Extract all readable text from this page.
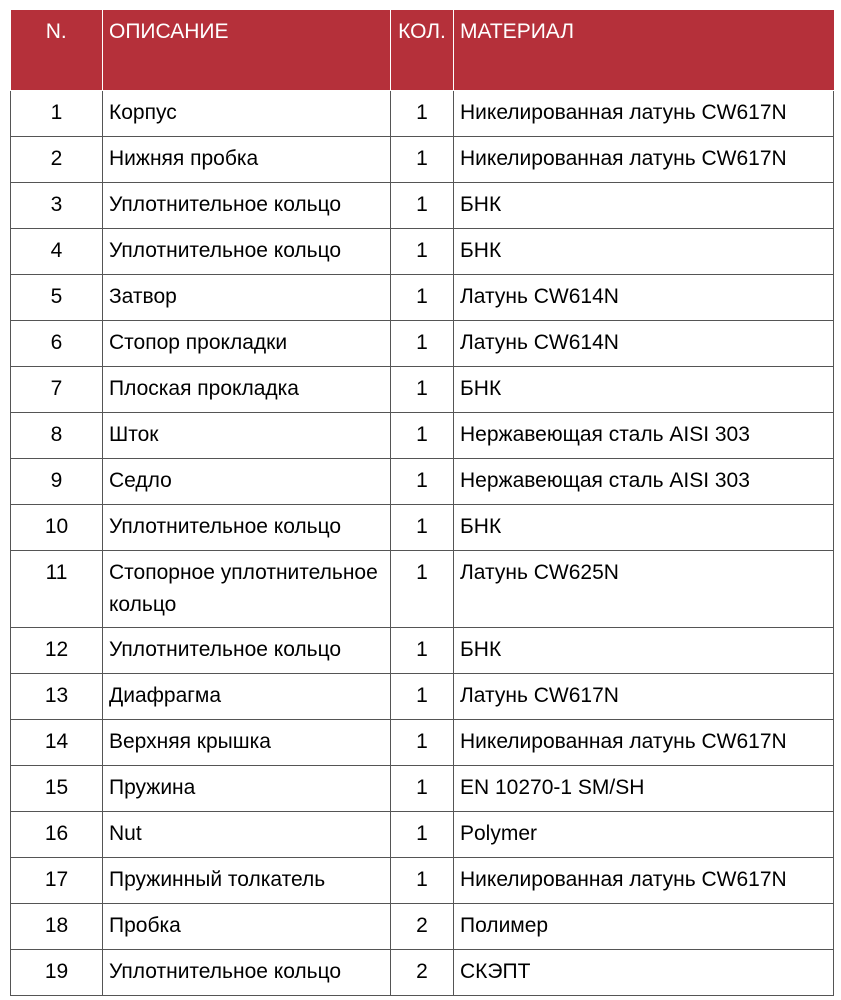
N.	ОПИСАНИЕ	КОЛ.	МАТЕРИАЛ
1	Корпус	1	Никелированная латунь CW617N
2	Нижняя пробка	1	Никелированная латунь CW617N
3	Уплотнительное кольцо	1	БНК
4	Уплотнительное кольцо	1	БНК
5	Затвор	1	Латунь CW614N
6	Стопор прокладки	1	Латунь CW614N
7	Плоская прокладка	1	БНК
8	Шток	1	Нержавеющая сталь AISI 303
9	Седло	1	Нержавеющая сталь AISI 303
10	Уплотнительное кольцо	1	БНК
11	Стопорное уплотнительное кольцо	1	Латунь CW625N
12	Уплотнительное кольцо	1	БНК
13	Диафрагма	1	Латунь CW617N
14	Верхняя крышка	1	Никелированная латунь CW617N
15	Пружина	1	EN 10270-1 SM/SH
16	Nut	1	Polymer
17	Пружинный толкатель	1	Никелированная латунь CW617N
18	Пробка	2	Полимер
19	Уплотнительное кольцо	2	СКЭПТ
